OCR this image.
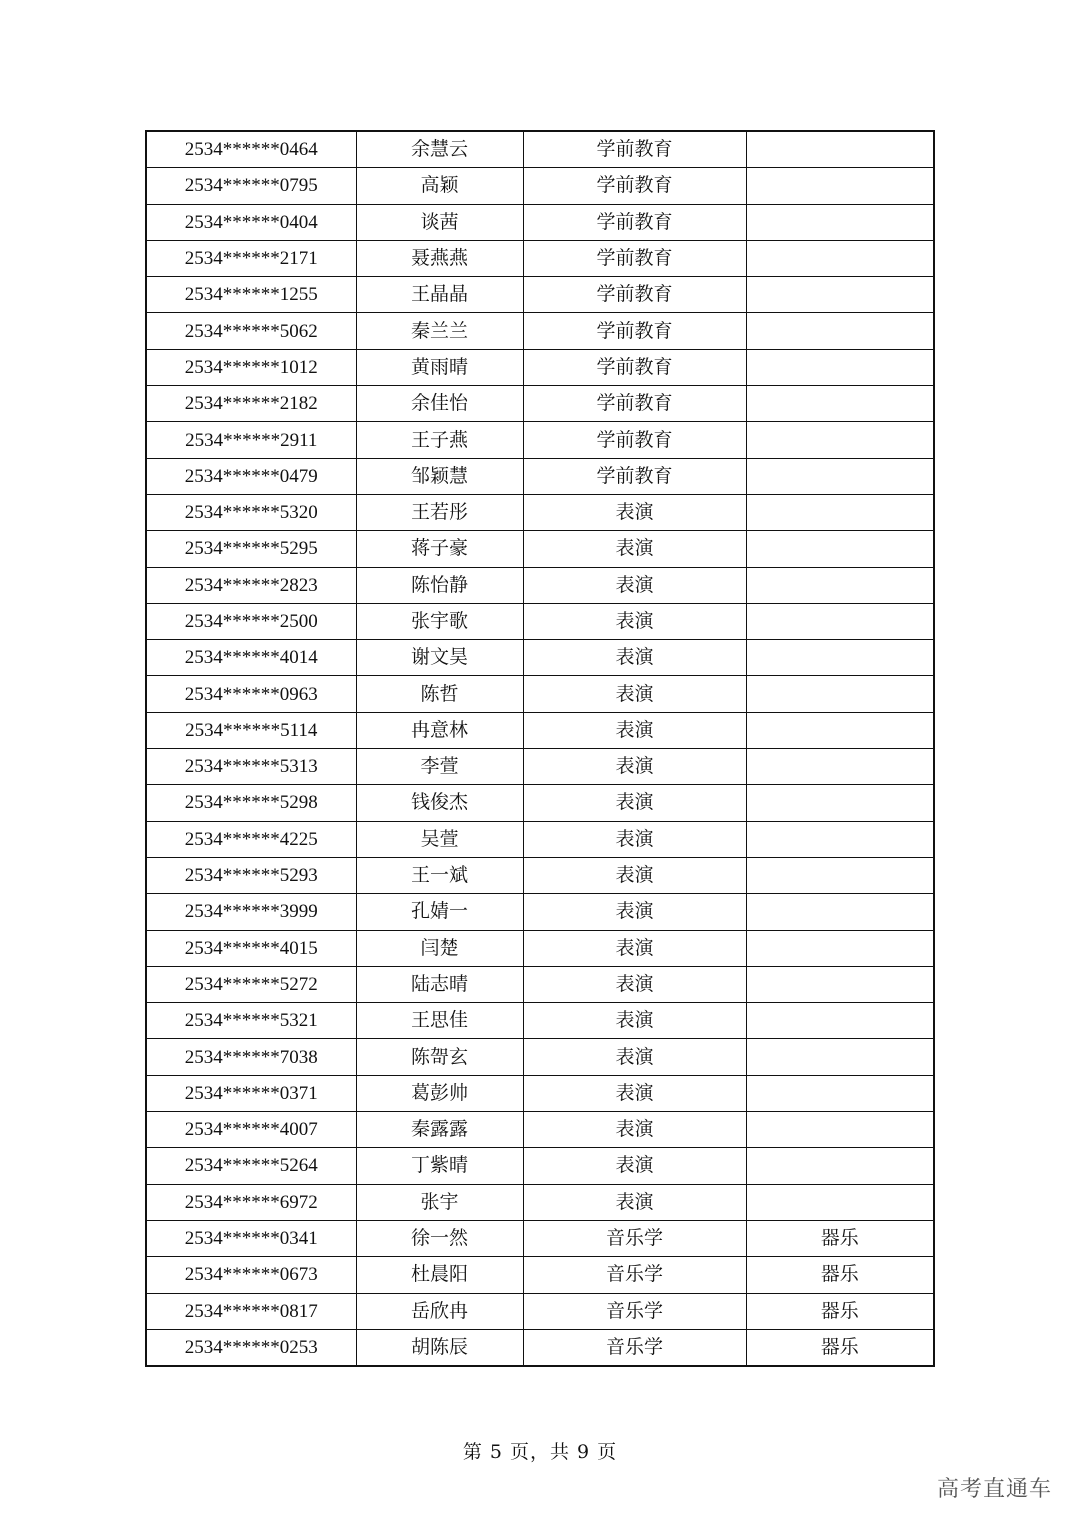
2534******0464	余慧云	学前教育	
2534******0795	高颖	学前教育	
2534******0404	谈茜	学前教育	
2534******2171	聂燕燕	学前教育	
2534******1255	王晶晶	学前教育	
2534******5062	秦兰兰	学前教育	
2534******1012	黄雨晴	学前教育	
2534******2182	余佳怡	学前教育	
2534******2911	王子燕	学前教育	
2534******0479	邹颖慧	学前教育	
2534******5320	王若彤	表演	
2534******5295	蒋子豪	表演	
2534******2823	陈怡静	表演	
2534******2500	张宇歌	表演	
2534******4014	谢文昊	表演	
2534******0963	陈哲	表演	
2534******5114	冉意林	表演	
2534******5313	李萱	表演	
2534******5298	钱俊杰	表演	
2534******4225	吴萱	表演	
2534******5293	王一斌	表演	
2534******3999	孔婧一	表演	
2534******4015	闫楚	表演	
2534******5272	陆志晴	表演	
2534******5321	王思佳	表演	
2534******7038	陈哿玄	表演	
2534******0371	葛彭帅	表演	
2534******4007	秦露露	表演	
2534******5264	丁紫晴	表演	
2534******6972	张宇	表演	
2534******0341	徐一然	音乐学	器乐
2534******0673	杜晨阳	音乐学	器乐
2534******0817	岳欣冉	音乐学	器乐
2534******0253	胡陈辰	音乐学	器乐
第 5 页，共 9 页
高考直通车
